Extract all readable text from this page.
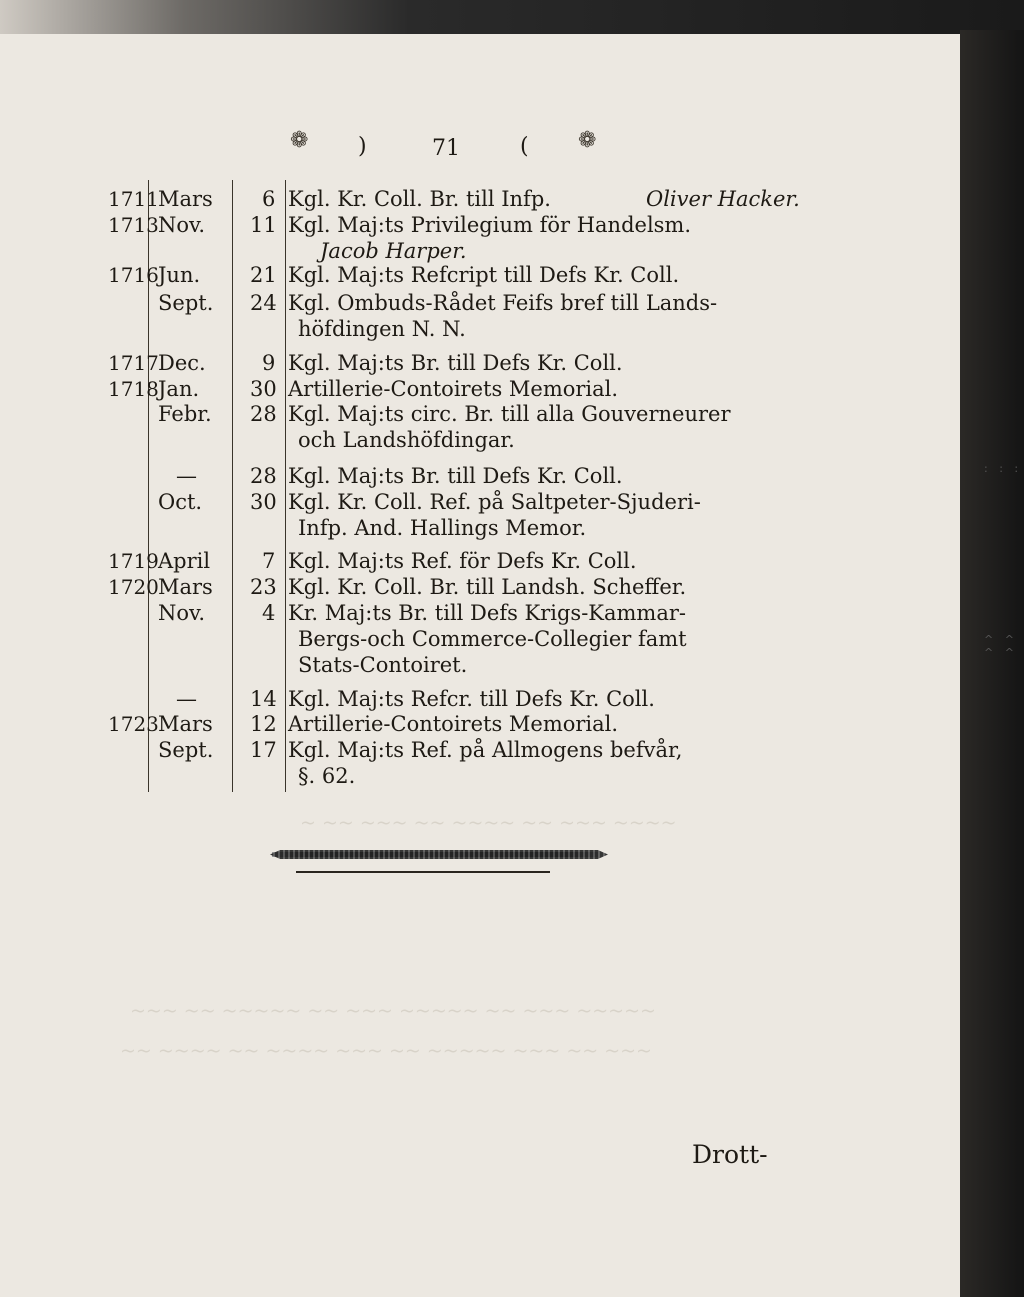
❁ )	71	( ❁
~ ~~ ~~~ ~~ ~~~~ ~~ ~~~ ~~~~
~~~ ~~ ~~~~~ ~~ ~~~ ~~~~~ ~~ ~~~ ~~~~~
~~ ~~~~ ~~ ~~~~ ~~~ ~~ ~~~~~ ~~~ ~~ ~~~
1711 Mars 6 Kgl. Kr. Coll. Br. till Infp.	Oliver Hacker.
1713 Nov. 11 Kgl. Maj:ts Privilegium för Handelsm.
Jacob Harper.
1716 Jun. 21 Kgl. Maj:ts Refcript till Defs Kr. Coll.
Sept. 24 Kgl. Ombuds-Rådet Feifs bref till Lands-
höfdingen N. N.
1717 Dec.	9 Kgl. Maj:ts Br. till Defs Kr. Coll.
1718 Jan. 30 Artillerie-Contoirets Memorial.
Febr. 28 Kgl. Maj:ts circ. Br. till alla Gouverneurer
och Landshöfdingar.
—	28 Kgl. Maj:ts Br. till Defs Kr. Coll.
Oct. 30 Kgl. Kr. Coll. Ref. på Saltpeter-Sjuderi-
Infp. And. Hallings Memor.
1719 April 7 Kgl. Maj:ts Ref. för Defs Kr. Coll.
1720 Mars 23 Kgl. Kr. Coll. Br. till Landsh. Scheffer.
Nov.	4 Kr. Maj:ts Br. till Defs Krigs-Kammar-
Bergs-och Commerce-Collegier famt
Stats-Contoiret.
—	14 Kgl. Maj:ts Refcr. till Defs Kr. Coll.
1723 Mars 12 Artillerie-Contoirets Memorial.
Sept. 17 Kgl. Maj:ts Ref. på Allmogens befvår,
§. 62.
Drott-
: : :
^ ^ ^ ^
